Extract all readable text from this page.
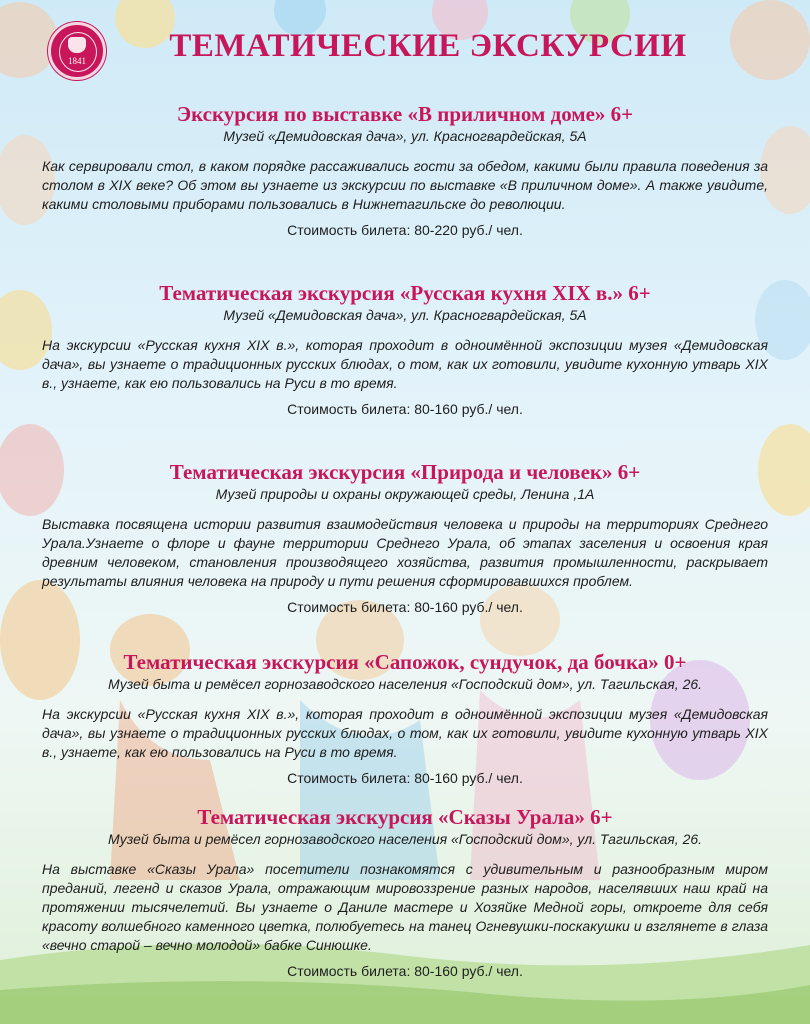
1841	ТЕМАТИЧЕСКИЕ ЭКСКУРСИИ
Экскурсия по выставке «В приличном доме» 6+

Музей «Демидовская дача», ул. Красногвардейская, 5А

Как сервировали стол, в каком порядке рассаживались гости за обедом, какими были правила поведения за столом в XIX веке? Об этом вы узнаете из экскурсии по выставке «В приличном доме». А также увидите, какими столовыми приборами пользовались в Нижнетагильске до революции.

Стоимость билета: 80-220 руб./ чел.

Тематическая экскурсия «Русская кухня XIX в.» 6+

Музей «Демидовская дача», ул. Красногвардейская, 5А

На экскурсии «Русская кухня XIX в.», которая проходит в одноимённой экспозиции музея «Демидовская дача», вы узнаете о традиционных русских блюдах, о том, как их готовили, увидите кухонную утварь XIX в., узнаете, как ею пользовались на Руси в то время.

Стоимость билета: 80-160 руб./ чел.

Тематическая экскурсия «Природа и человек» 6+

Музей природы и охраны окружающей среды, Ленина ,1А

Выставка посвящена истории развития взаимодействия человека и природы на территориях Среднего Урала.Узнаете о флоре и фауне территории Среднего Урала, об этапах заселения и освоения края древним человеком, становления производящего хозяйства, развития промышленности, раскрывает результаты влияния человека на природу и пути решения сформировавшихся проблем.

Стоимость билета: 80-160 руб./ чел.

Тематическая экскурсия «Сапожок, сундучок, да бочка» 0+

Музей быта и ремёсел горнозаводского населения «Господский дом», ул. Тагильская, 26.

На экскурсии «Русская кухня XIX в.», которая проходит в одноимённой экспозиции музея «Демидовская дача», вы узнаете о традиционных русских блюдах, о том, как их готовили, увидите кухонную утварь XIX в., узнаете, как ею пользовались на Руси в то время.

Стоимость билета: 80-160 руб./ чел.

Тематическая экскурсия «Сказы Урала» 6+

Музей быта и ремёсел горнозаводского населения «Господский дом», ул. Тагильская, 26.

На выставке «Сказы Урала» посетители познакомятся с удивительным и разнообразным миром преданий, легенд и сказов Урала, отражающим мировоззрение разных народов, населявших наш край на протяжении тысячелетий. Вы узнаете о Даниле мастере и Хозяйке Медной горы, откроете для себя красоту волшебного каменного цветка, полюбуетесь на танец Огневушки-поскакушки и взглянете в глаза «вечно старой – вечно молодой» бабке Синюшке.

Стоимость билета: 80-160 руб./ чел.
